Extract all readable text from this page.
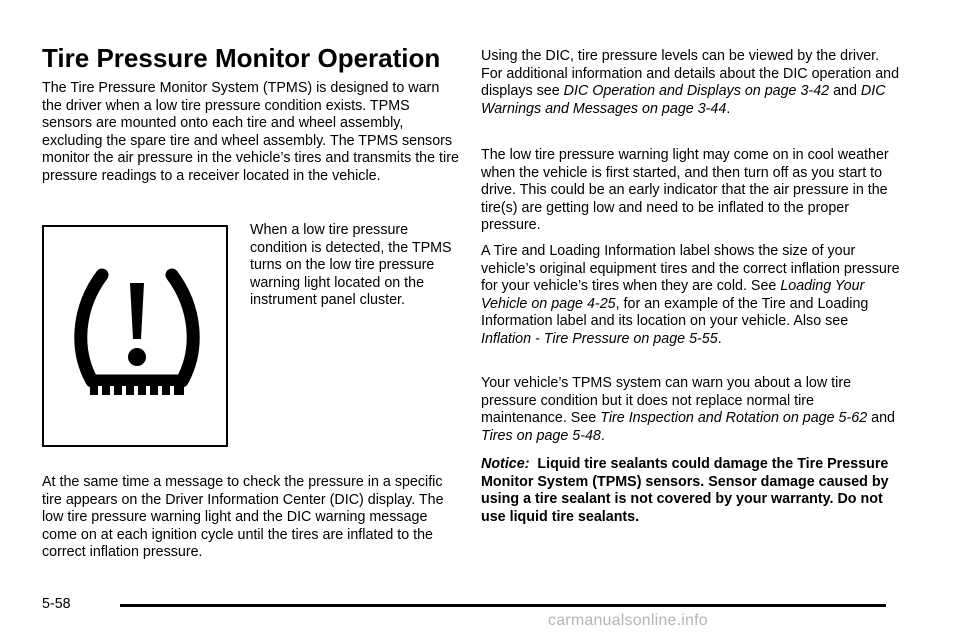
Tire Pressure Monitor Operation

The Tire Pressure Monitor System (TPMS) is designed to warn the driver when a low tire pressure condition exists. TPMS sensors are mounted onto each tire and wheel assembly, excluding the spare tire and wheel assembly. The TPMS sensors monitor the air pressure in the vehicle’s tires and transmits the tire pressure readings to a receiver located in the vehicle.

When a low tire pressure condition is detected, the TPMS turns on the low tire pressure warning light located on the instrument panel cluster.

At the same time a message to check the pressure in a specific tire appears on the Driver Information Center (DIC) display. The low tire pressure warning light and the DIC warning message come on at each ignition cycle until the tires are inflated to the correct inflation pressure.

Using the DIC, tire pressure levels can be viewed by the driver. For additional information and details about the DIC operation and displays see DIC Operation and Displays on page 3-42 and DIC Warnings and Messages on page 3-44.

The low tire pressure warning light may come on in cool weather when the vehicle is first started, and then turn off as you start to drive. This could be an early indicator that the air pressure in the tire(s) are getting low and need to be inflated to the proper pressure.

A Tire and Loading Information label shows the size of your vehicle’s original equipment tires and the correct inflation pressure for your vehicle’s tires when they are cold. See Loading Your Vehicle on page 4-25, for an example of the Tire and Loading Information label and its location on your vehicle. Also see Inflation - Tire Pressure on page 5-55.

Your vehicle’s TPMS system can warn you about a low tire pressure condition but it does not replace normal tire maintenance. See Tire Inspection and Rotation on page 5-62 and Tires on page 5-48.

Notice: Liquid tire sealants could damage the Tire Pressure Monitor System (TPMS) sensors. Sensor damage caused by using a tire sealant is not covered by your warranty. Do not use liquid tire sealants.

5-58
carmanualsonline.info
